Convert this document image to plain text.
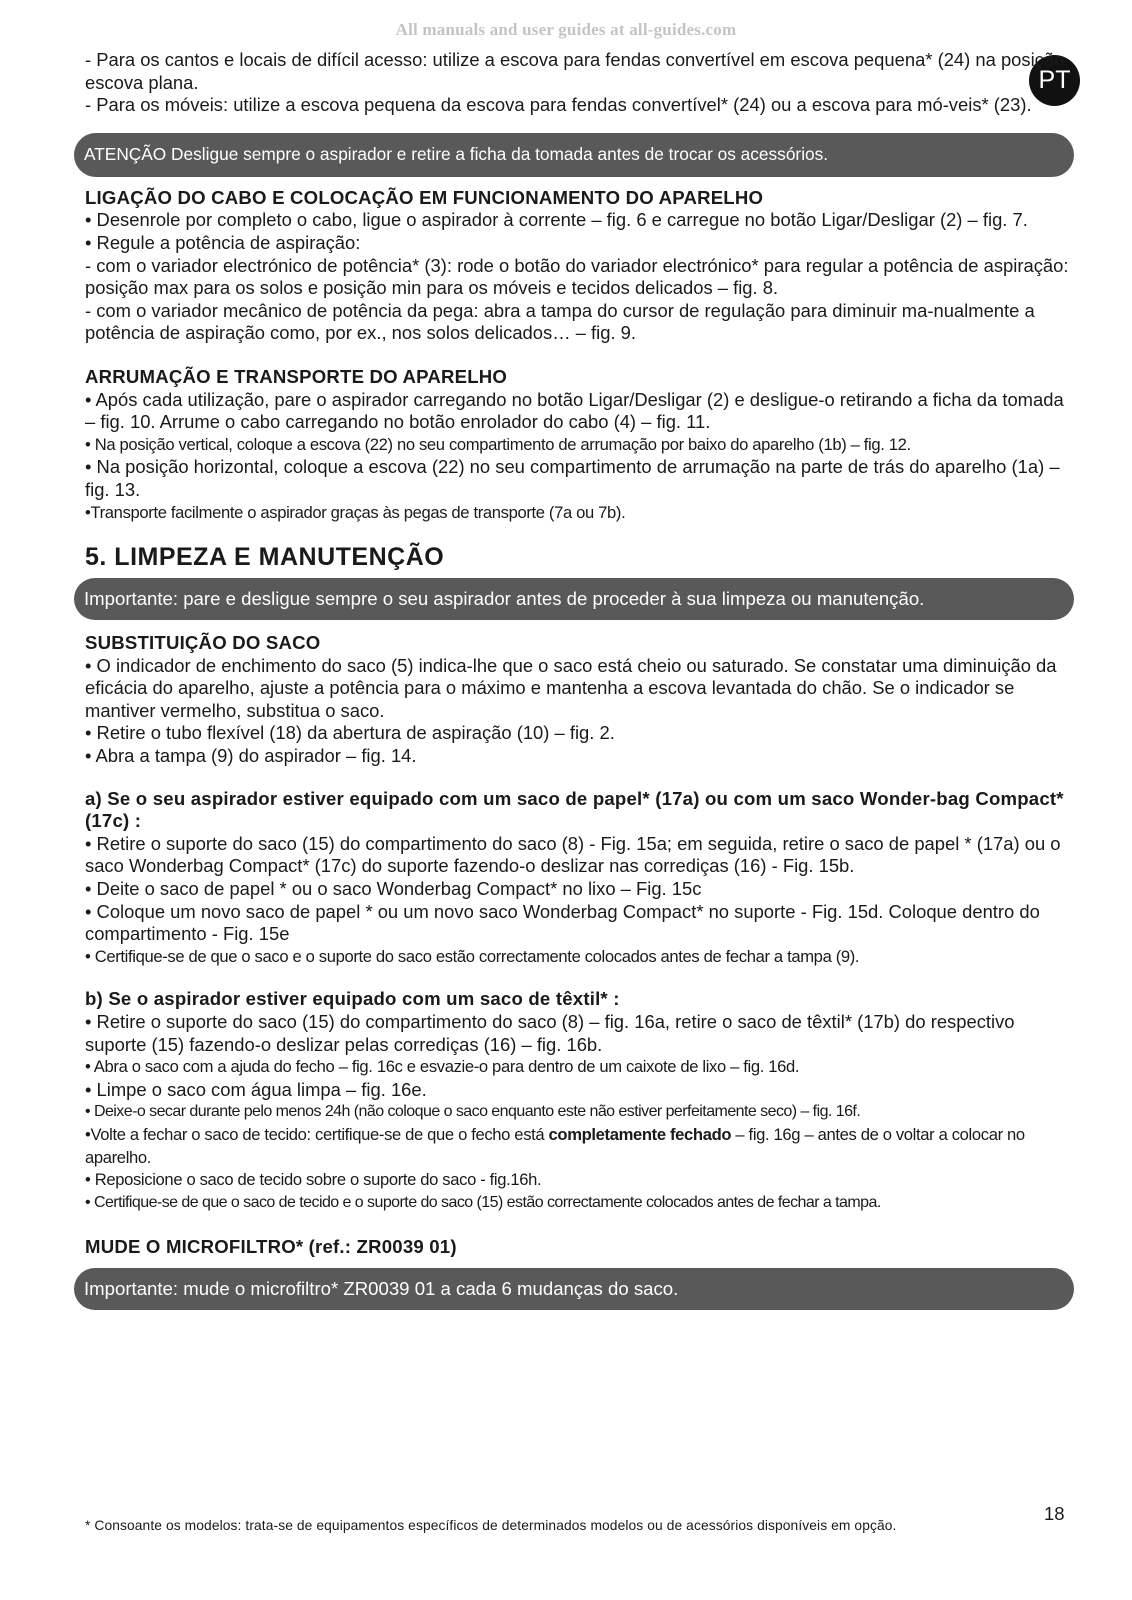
All manuals and user guides at all-guides.com
PT

- Para os cantos e locais de difícil acesso: utilize a escova para fendas convertível em escova pequena* (24) na posição escova plana.

- Para os móveis: utilize a escova pequena da escova para fendas convertível* (24) ou a escova para mó-veis* (23).

ATENÇÃO Desligue sempre o aspirador e retire a ficha da tomada antes de trocar os acessórios.
LIGAÇÃO DO CABO E COLOCAÇÃO EM FUNCIONAMENTO DO APARELHO

• Desenrole por completo o cabo, ligue o aspirador à corrente – fig. 6 e carregue no botão Ligar/Desligar (2) – fig. 7.

• Regule a potência de aspiração:

- com o variador electrónico de potência* (3): rode o botão do variador electrónico* para regular a potência de aspiração: posição max para os solos e posição min para os móveis e tecidos delicados – fig. 8.

- com o variador mecânico de potência da pega: abra a tampa do cursor de regulação para diminuir ma-nualmente a potência de aspiração como, por ex., nos solos delicados… – fig. 9.

ARRUMAÇÃO E TRANSPORTE DO APARELHO

• Após cada utilização, pare o aspirador carregando no botão Ligar/Desligar (2) e desligue-o retirando a ficha da tomada – fig. 10. Arrume o cabo carregando no botão enrolador do cabo (4) – fig. 11.

• Na posição vertical, coloque a escova (22) no seu compartimento de arrumação por baixo do aparelho (1b) – fig. 12.

• Na posição horizontal, coloque a escova (22) no seu compartimento de arrumação na parte de trás do aparelho (1a) – fig. 13.

•Transporte facilmente o aspirador graças às pegas de transporte (7a ou 7b).

5. LIMPEZA E MANUTENÇÃO
Importante: pare e desligue sempre o seu aspirador antes de proceder à sua limpeza ou manutenção.
SUBSTITUIÇÃO DO SACO

• O indicador de enchimento do saco (5) indica-lhe que o saco está cheio ou saturado. Se constatar uma diminuição da eficácia do aparelho, ajuste a potência para o máximo e mantenha a escova levantada do chão. Se o indicador se mantiver vermelho, substitua o saco.

• Retire o tubo flexível (18) da abertura de aspiração (10) – fig. 2.

• Abra a tampa (9) do aspirador – fig. 14.

a) Se o seu aspirador estiver equipado com um saco de papel* (17a) ou com um saco Wonder-bag Compact* (17c) :

• Retire o suporte do saco (15) do compartimento do saco (8) - Fig. 15a; em seguida, retire o saco de papel * (17a) ou o saco Wonderbag Compact* (17c) do suporte fazendo-o deslizar nas corrediças (16) - Fig. 15b.

• Deite o saco de papel * ou o saco Wonderbag Compact* no lixo – Fig. 15c

• Coloque um novo saco de papel * ou um novo saco Wonderbag Compact* no suporte - Fig. 15d. Coloque dentro do compartimento - Fig. 15e

• Certifique-se de que o saco e o suporte do saco estão correctamente colocados antes de fechar a tampa (9).

b) Se o aspirador estiver equipado com um saco de têxtil* :

• Retire o suporte do saco (15) do compartimento do saco (8) – fig. 16a, retire o saco de têxtil* (17b) do respectivo suporte (15) fazendo-o deslizar pelas corrediças (16) – fig. 16b.

• Abra o saco com a ajuda do fecho – fig. 16c e esvazie-o para dentro de um caixote de lixo – fig. 16d.

• Limpe o saco com água limpa – fig. 16e.

• Deixe-o secar durante pelo menos 24h (não coloque o saco enquanto este não estiver perfeitamente seco) – fig. 16f.

•Volte a fechar o saco de tecido: certifique-se de que o fecho está completamente fechado – fig. 16g – antes de o voltar a colocar no aparelho.

• Reposicione o saco de tecido sobre o suporte do saco - fig.16h.

• Certifique-se de que o saco de tecido e o suporte do saco (15) estão correctamente colocados antes de fechar a tampa.

MUDE O MICROFILTRO* (ref.: ZR0039 01)
Importante: mude o microfiltro* ZR0039 01 a cada 6 mudanças do saco.
* Consoante os modelos: trata-se de equipamentos específicos de determinados modelos ou de acessórios disponíveis em opção.
18
